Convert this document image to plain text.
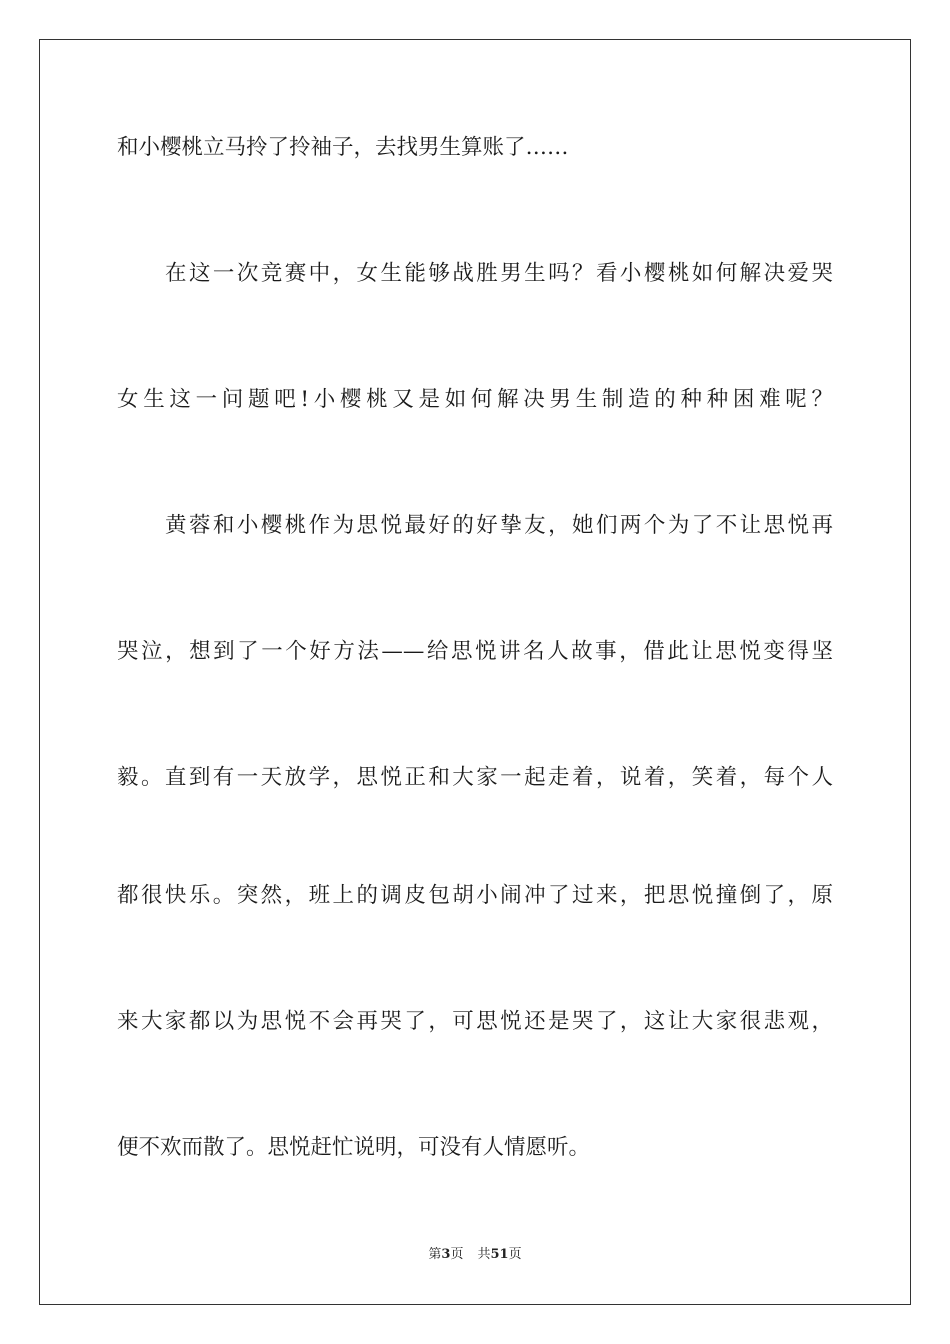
和小樱桃立马拎了拎袖子，去找男生算账了……
在这一次竞赛中，女生能够战胜男生吗？看小樱桃如何解决爱哭
女生这一问题吧!小樱桃又是如何解决男生制造的种种困难呢？
黄蓉和小樱桃作为思悦最好的好挚友，她们两个为了不让思悦再
哭泣，想到了一个好方法——给思悦讲名人故事，借此让思悦变得坚
毅。直到有一天放学，思悦正和大家一起走着，说着，笑着，每个人
都很快乐。突然，班上的调皮包胡小闹冲了过来，把思悦撞倒了，原
来大家都以为思悦不会再哭了，可思悦还是哭了，这让大家很悲观，
便不欢而散了。思悦赶忙说明，可没有人情愿听。
第3页 共51页
